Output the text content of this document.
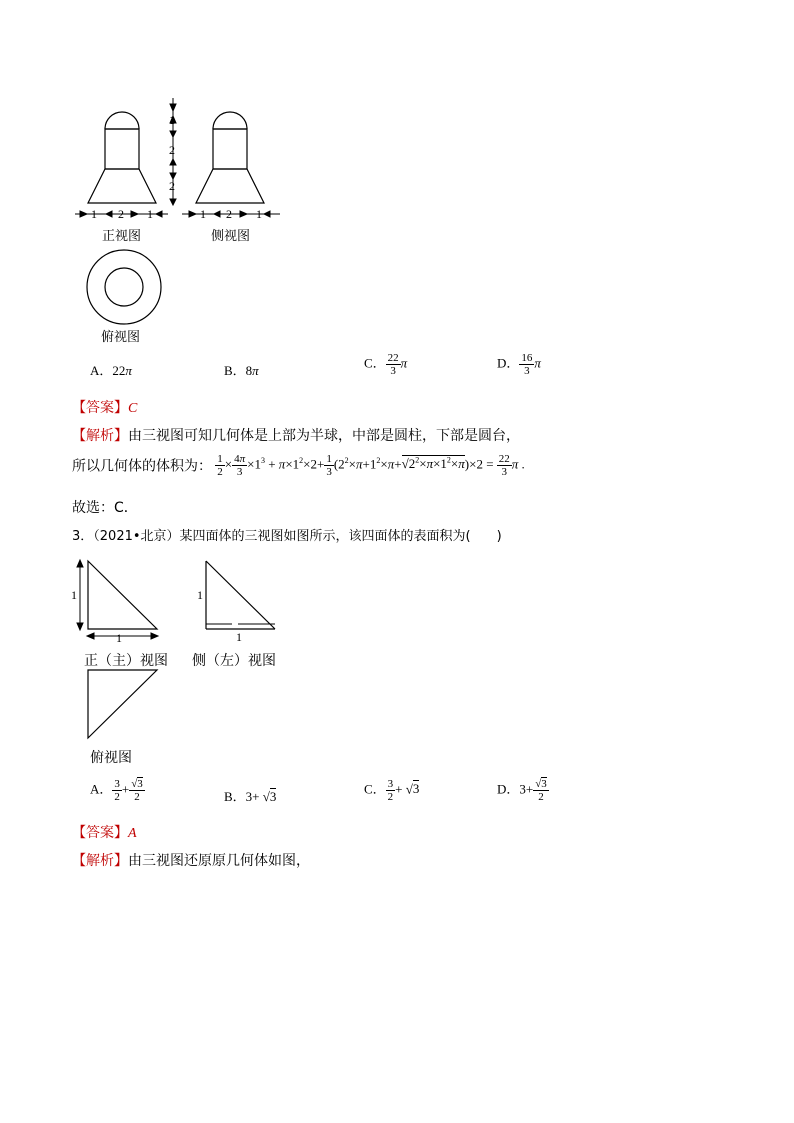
1
2
2
1 2 1	1 2 1
正视图	侧视图
俯视图
A．22π	B．8π
C． $\frac{22}{3}$ π	D． $\frac{16}{3}$ π
【答案】C
【解析】由三视图可知几何体是上部为半球，中部是圆柱，下部是圆台，
所以几何体的体积为： $\frac{1}{2} \times \frac{4\pi}{3} \times 1^3 + \pi\times 1^2\times 2+ \frac{1}{3} (2^2\times\pi+1^2\times\pi+√2^2\times\pi\times 1^2\times\pi)\times 2 = \frac{22}{3}$ π .
故选：C．
3．（2021•北京）某四面体的三视图如图所示，该四面体的表面积为(　　)
1
1
1
1
正（主）视图 侧（左）视图
俯视图
A． $\frac{3}{2} + \frac{√3}{2}$	B．3+ √3
C． $\frac{3}{2} + √3$	D．$3+ \frac{√3}{2}$
【答案】A
【解析】由三视图还原原几何体如图，
